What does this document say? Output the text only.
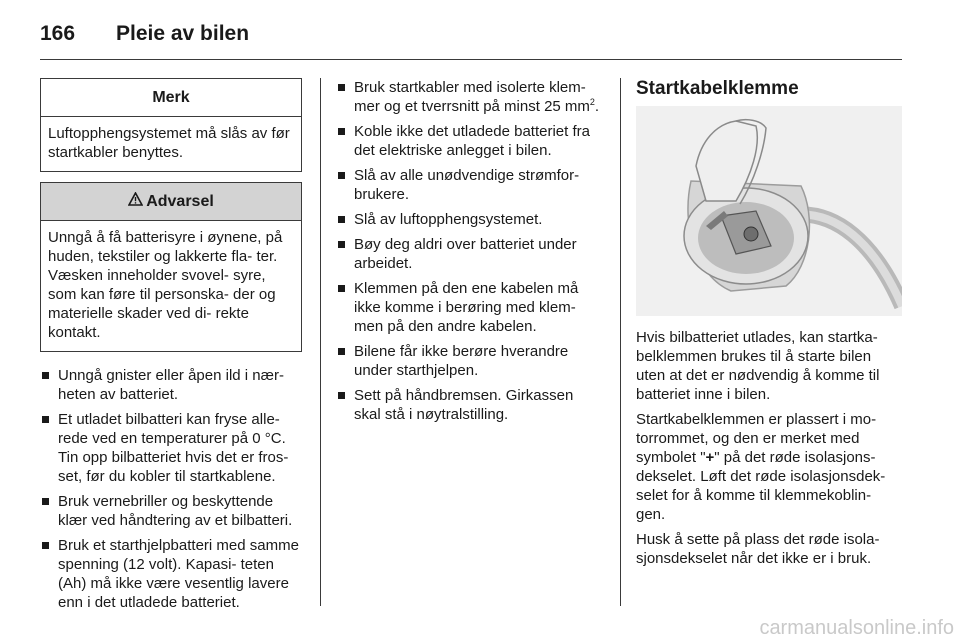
166	Pleie av bilen
Merk
Luftopphengsystemet må slås av før startkabler benyttes.
Advarsel
Unngå å få batterisyre i øynene, på huden, tekstiler og lakkerte fla- ter. Væsken inneholder svovel- syre, som kan føre til personska- der og materielle skader ved di- rekte kontakt.
Unngå gnister eller åpen ild i nær- heten av batteriet.
Et utladet bilbatteri kan fryse alle- rede ved en temperaturer på 0 °C. Tin opp bilbatteriet hvis det er fros- set, før du kobler til startkablene.
Bruk vernebriller og beskyttende klær ved håndtering av et bilbatteri.
Bruk et starthjelpbatteri med samme spenning (12 volt). Kapasi- teten (Ah) må ikke være vesentlig lavere enn i det utladede batteriet.
Bruk startkabler med isolerte klem- mer og et tverrsnitt på minst 25 $mm^2$.
Koble ikke det utladede batteriet fra det elektriske anlegget i bilen.
Slå av alle unødvendige strømfor- brukere.
Slå av luftopphengsystemet.
Bøy deg aldri over batteriet under arbeidet.
Klemmen på den ene kabelen må ikke komme i berøring med klem- men på den andre kabelen.
Bilene får ikke berøre hverandre under starthjelpen.
Sett på håndbremsen. Girkassen skal stå i nøytralstilling.
Startkabelklemme

Hvis bilbatteriet utlades, kan startka- belklemmen brukes til å starte bilen uten at det er nødvendig å komme til batteriet inne i bilen.

Startkabelklemmen er plassert i mo- torrommet, og den er merket med symbolet "+" på det røde isolasjons- dekselet. Løft det røde isolasjonsdek- selet for å komme til klemmekoblin- gen.

Husk å sette på plass det røde isola- sjonsdekselet når det ikke er i bruk.

carmanualsonline.info
